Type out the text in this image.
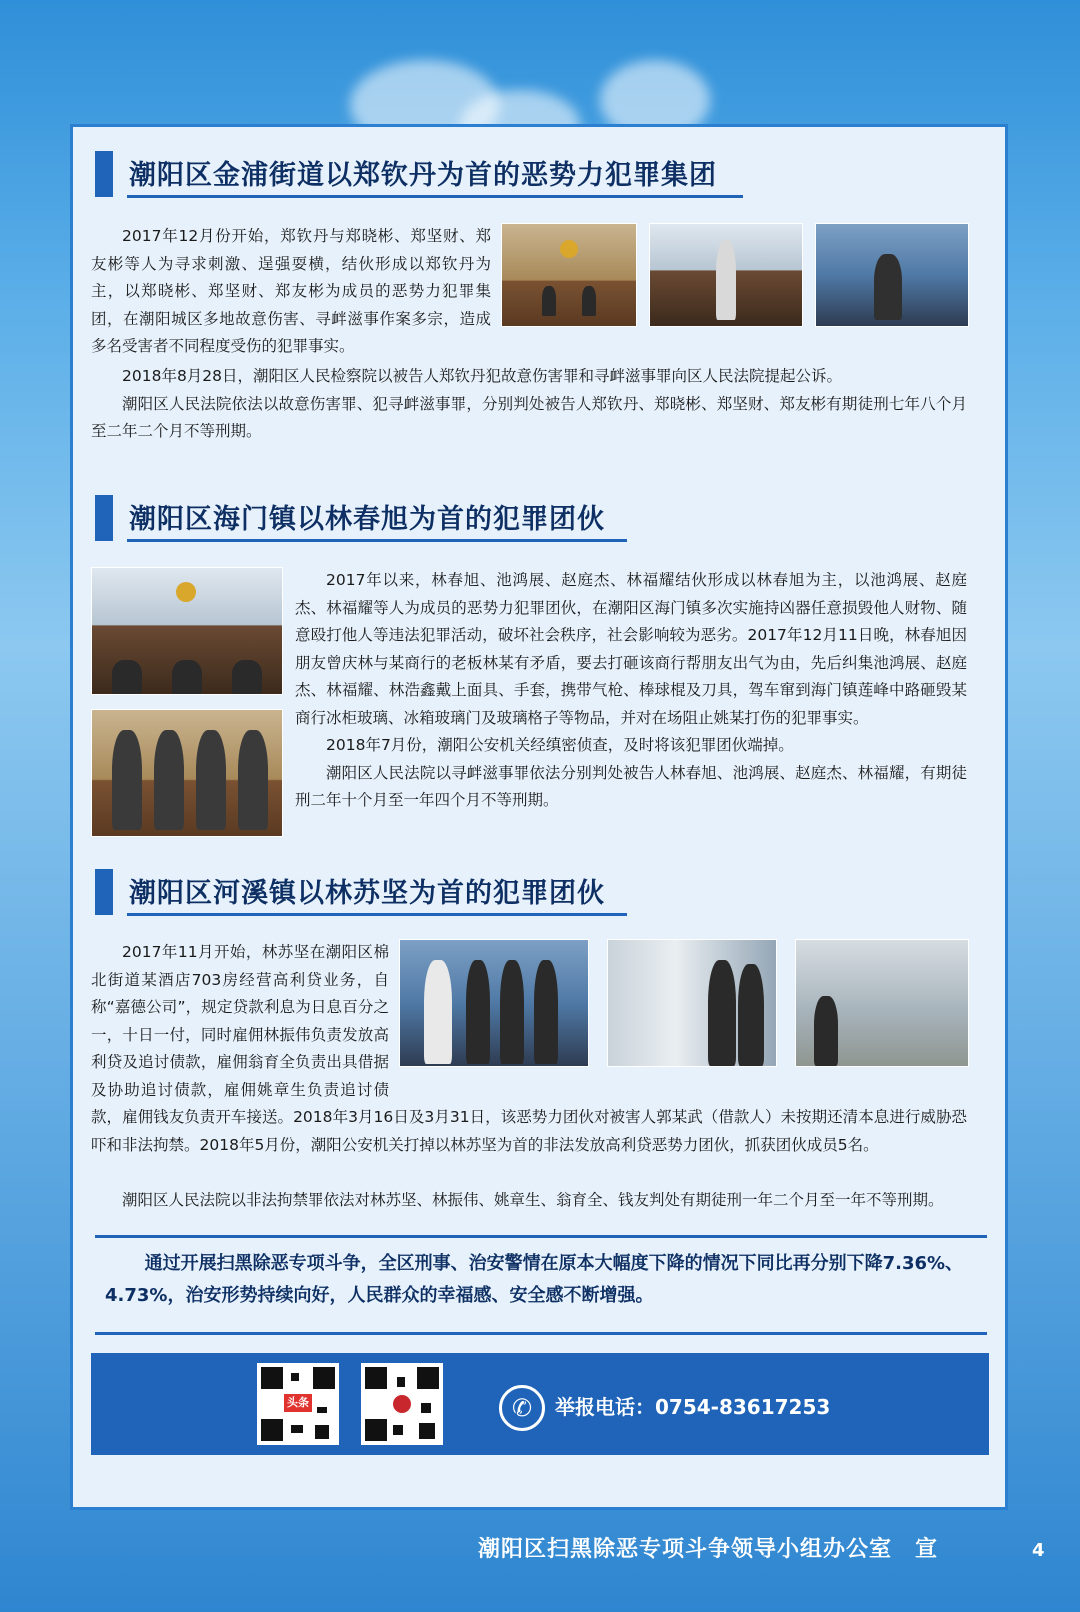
潮阳区金浦街道以郑钦丹为首的恶势力犯罪集团

2017年12月份开始，郑钦丹与郑晓彬、郑坚财、郑友彬等人为寻求刺激、逞强耍横，结伙形成以郑钦丹为主，以郑晓彬、郑坚财、郑友彬为成员的恶势力犯罪集团，在潮阳城区多地故意伤害、寻衅滋事作案多宗，造成多名受害者不同程度受伤的犯罪事实。

2018年8月28日，潮阳区人民检察院以被告人郑钦丹犯故意伤害罪和寻衅滋事罪向区人民法院提起公诉。

潮阳区人民法院依法以故意伤害罪、犯寻衅滋事罪，分别判处被告人郑钦丹、郑晓彬、郑坚财、郑友彬有期徒刑七年八个月至二年二个月不等刑期。

潮阳区海门镇以林春旭为首的犯罪团伙

2017年以来，林春旭、池鸿展、赵庭杰、林福耀结伙形成以林春旭为主，以池鸿展、赵庭杰、林福耀等人为成员的恶势力犯罪团伙，在潮阳区海门镇多次实施持凶器任意损毁他人财物、随意殴打他人等违法犯罪活动，破坏社会秩序，社会影响较为恶劣。2017年12月11日晚，林春旭因朋友曾庆林与某商行的老板林某有矛盾，要去打砸该商行帮朋友出气为由，先后纠集池鸿展、赵庭杰、林福耀、林浩鑫戴上面具、手套，携带气枪、棒球棍及刀具，驾车窜到海门镇莲峰中路砸毁某商行冰柜玻璃、冰箱玻璃门及玻璃格子等物品，并对在场阻止姚某打伤的犯罪事实。

2018年7月份，潮阳公安机关经缜密侦查，及时将该犯罪团伙端掉。

潮阳区人民法院以寻衅滋事罪依法分别判处被告人林春旭、池鸿展、赵庭杰、林福耀，有期徒刑二年十个月至一年四个月不等刑期。

潮阳区河溪镇以林苏坚为首的犯罪团伙

2017年11月开始，林苏坚在潮阳区棉北街道某酒店703房经营高利贷业务，自称“嘉德公司”，规定贷款利息为日息百分之一，十日一付，同时雇佣林振伟负责发放高利贷及追讨债款，雇佣翁育全负责出具借据及协助追讨债款，雇佣姚章生负责追讨债款，雇佣钱友负责开车接送。2018年3月16日及3月31日，该恶势力团伙对被害人郭某武（借款人）未按期还清本息进行威胁恐吓和非法拘禁。2018年5月份，潮阳公安机关打掉以林苏坚为首的非法发放高利贷恶势力团伙，抓获团伙成员5名。

潮阳区人民法院以非法拘禁罪依法对林苏坚、林振伟、姚章生、翁育全、钱友判处有期徒刑一年二个月至一年不等刑期。

通过开展扫黑除恶专项斗争，全区刑事、治安警情在原本大幅度下降的情况下同比再分别下降7.36%、4.73%，治安形势持续向好，人民群众的幸福感、安全感不断增强。
头条	✆	举报电话：0754-83617253
潮阳区扫黑除恶专项斗争领导小组办公室　宣	4
